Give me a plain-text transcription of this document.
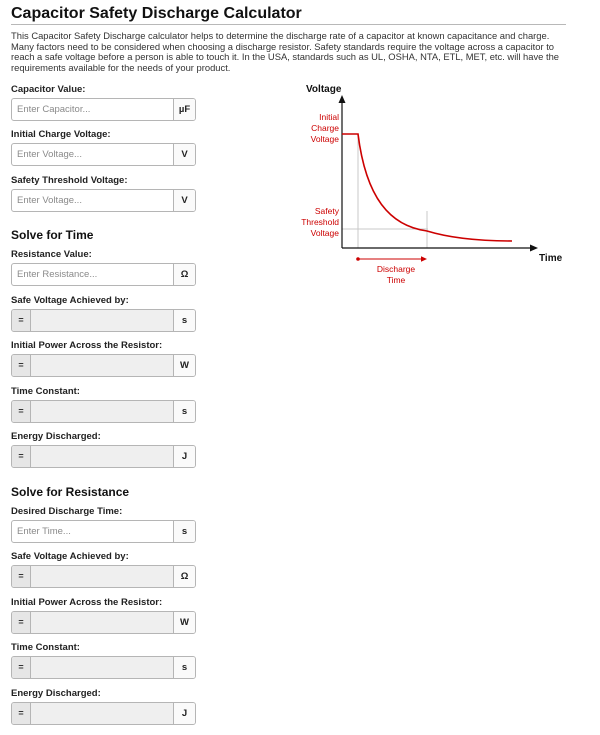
Capacitor Safety Discharge Calculator

This Capacitor Safety Discharge calculator helps to determine the discharge rate of a capacitor at known capacitance and charge. Many factors need to be considered when choosing a discharge resistor. Safety standards require the voltage across a capacitor to reach a safe voltage before a person is able to touch it. In the USA, standards such as UL, OSHA, NTA, ETL, MET, etc. will have the requirements available for the needs of your product.

Capacitor Value:
Enter Capacitor...
µF
Initial Charge Voltage:
Enter Voltage...
V
Safety Threshold Voltage:
Enter Voltage...
V
Solve for Time
Resistance Value:
Enter Resistance...
Ω
Safe Voltage Achieved by:
=	s
Initial Power Across the Resistor:
=	W
Time Constant:
=	s
Energy Discharged:
=	J
Solve for Resistance
Desired Discharge Time:
Enter Time...
s
Safe Voltage Achieved by:
=	Ω
Initial Power Across the Resistor:
=	W
Time Constant:
=	s
Energy Discharged:
=	J
Voltage
Time
Initial
Charge
Voltage
Safety
Threshold
Voltage
Discharge
Time
